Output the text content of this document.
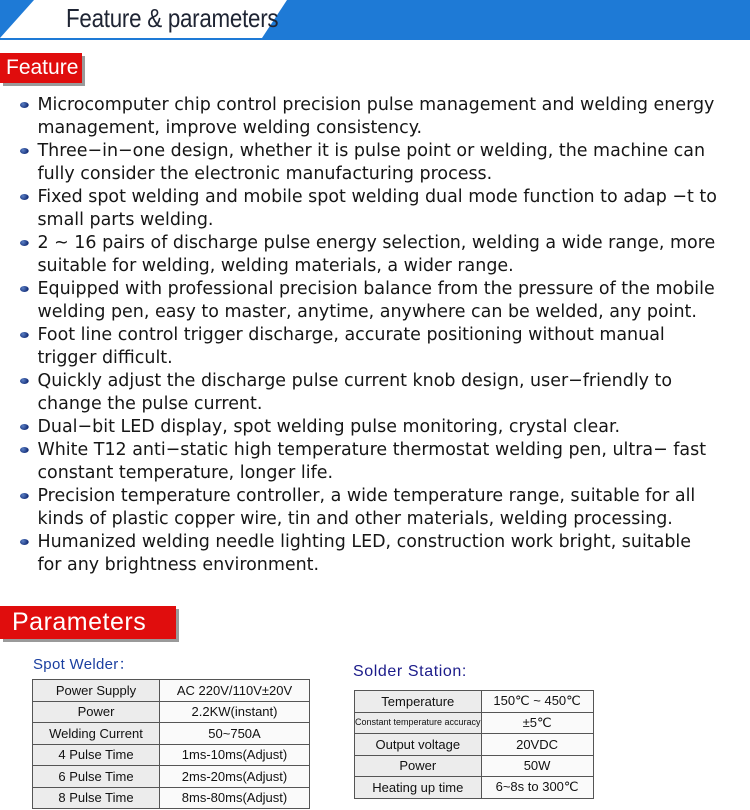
Feature & parameters
Feature
Microcomputer chip control precision pulse management and welding energy management, improve welding consistency.
Three−in−one design, whether it is pulse point or welding, the machine can fully consider the electronic manufacturing process.
Fixed spot welding and mobile spot welding dual mode function to adap −t to small parts welding.
2 ~ 16 pairs of discharge pulse energy selection, welding a wide range, more suitable for welding, welding materials, a wider range.
Equipped with professional precision balance from the pressure of the mobile welding pen, easy to master, anytime, anywhere can be welded, any point.
Foot line control trigger discharge, accurate positioning without manual trigger difficult.
Quickly adjust the discharge pulse current knob design, user−friendly to change the pulse current.
Dual−bit LED display, spot welding pulse monitoring, crystal clear.
White T12 anti−static high temperature thermostat welding pen, ultra− fast constant temperature, longer life.
Precision temperature controller, a wide temperature range, suitable for all kinds of plastic copper wire, tin and other materials, welding processing.
Humanized welding needle lighting LED, construction work bright, suitable for any brightness environment.
Parameters
Spot Welder：
Power Supply	AC 220V/110V±20V
Power	2.2KW(instant)
Welding Current	50~750A
4 Pulse Time	1ms-10ms(Adjust)
6 Pulse Time	2ms-20ms(Adjust)
8 Pulse Time	8ms-80ms(Adjust)
Solder Station:
Temperature	150℃ ~ 450℃
Constant temperature accuracy	±5℃
Output voltage	20VDC
Power	50W
Heating up time	6~8s to 300℃
